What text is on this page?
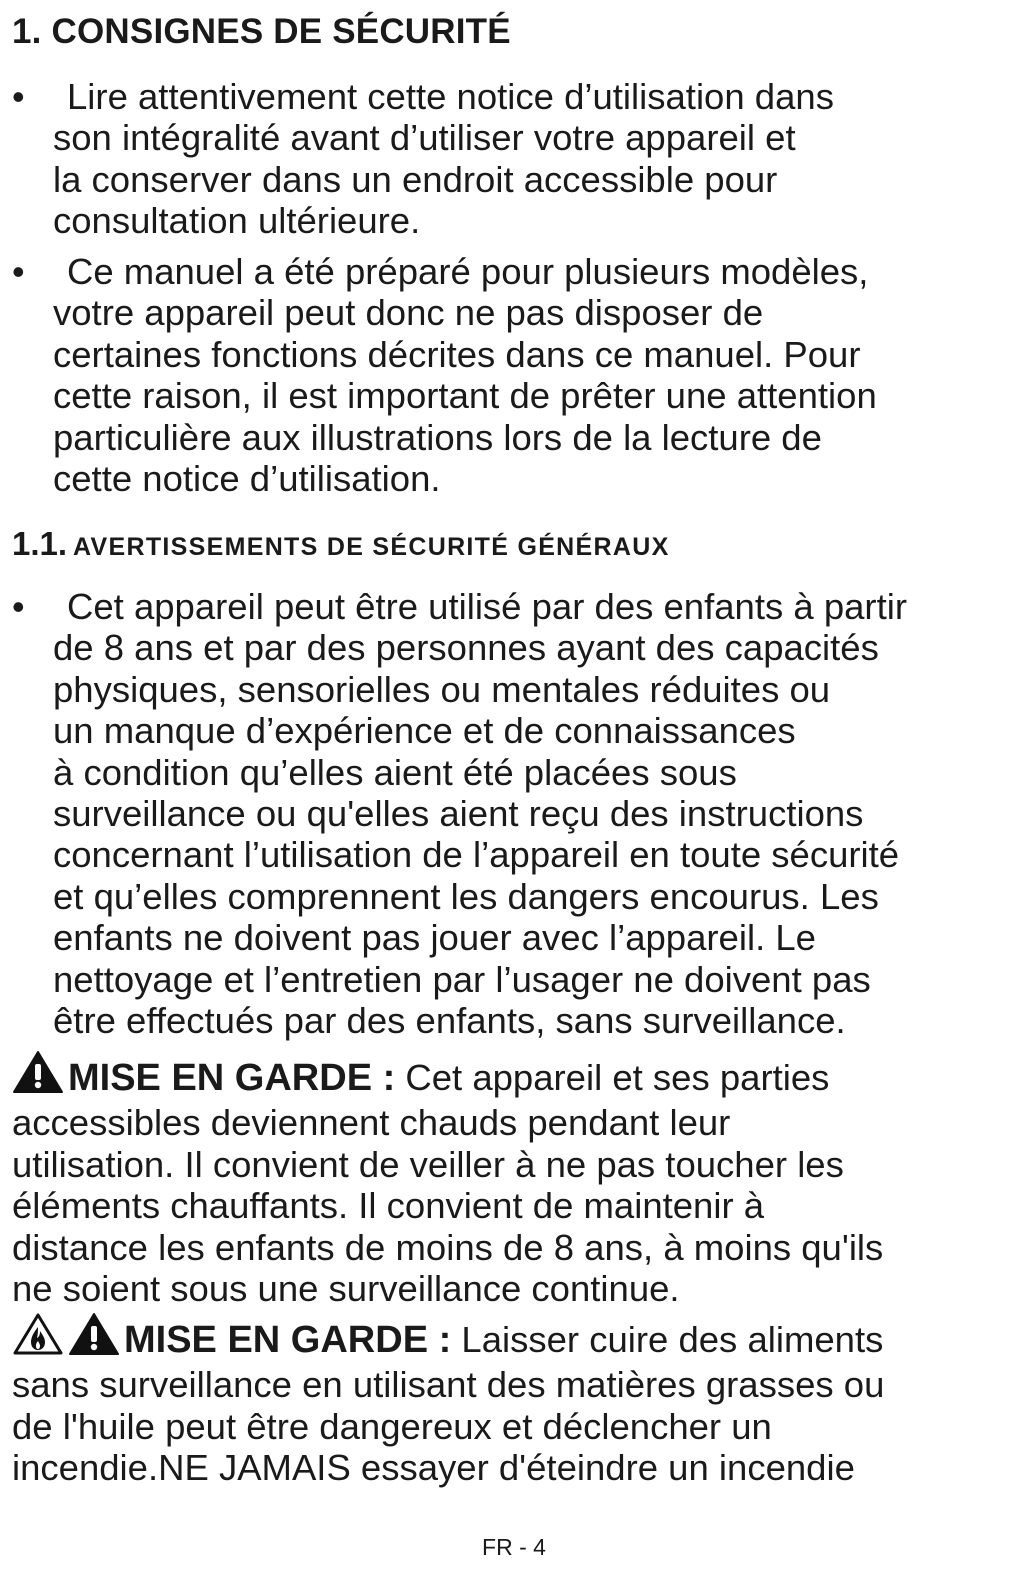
1. CONSIGNES DE SÉCURITÉ
•	Lire attentivement cette notice d’utilisation dans
son intégralité avant d’utiliser votre appareil et
la conserver dans un endroit accessible pour
consultation ultérieure.
•	Ce manuel a été préparé pour plusieurs modèles,
votre appareil peut donc ne pas disposer de
certaines fonctions décrites dans ce manuel. Pour
cette raison, il est important de prêter une attention
particulière aux illustrations lors de la lecture de
cette notice d’utilisation.
1.1. AVERTISSEMENTS DE SÉCURITÉ GÉNÉRAUX
•	Cet appareil peut être utilisé par des enfants à partir
de 8 ans et par des personnes ayant des capacités
physiques, sensorielles ou mentales réduites ou
un manque d’expérience et de connaissances
à condition qu’elles aient été placées sous
surveillance ou qu'elles aient reçu des instructions
concernant l’utilisation de l’appareil en toute sécurité
et qu’elles comprennent les dangers encourus. Les
enfants ne doivent pas jouer avec l’appareil. Le
nettoyage et l’entretien par l’usager ne doivent pas
être effectués par des enfants, sans surveillance.
MISE EN GARDE : Cet appareil et ses parties
accessibles deviennent chauds pendant leur
utilisation. Il convient de veiller à ne pas toucher les
éléments chauffants. Il convient de maintenir à
distance les enfants de moins de 8 ans, à moins qu'ils
ne soient sous une surveillance continue.
MISE EN GARDE : Laisser cuire des aliments
sans surveillance en utilisant des matières grasses ou
de l'huile peut être dangereux et déclencher un
incendie.NE JAMAIS essayer d'éteindre un incendie
FR - 4
